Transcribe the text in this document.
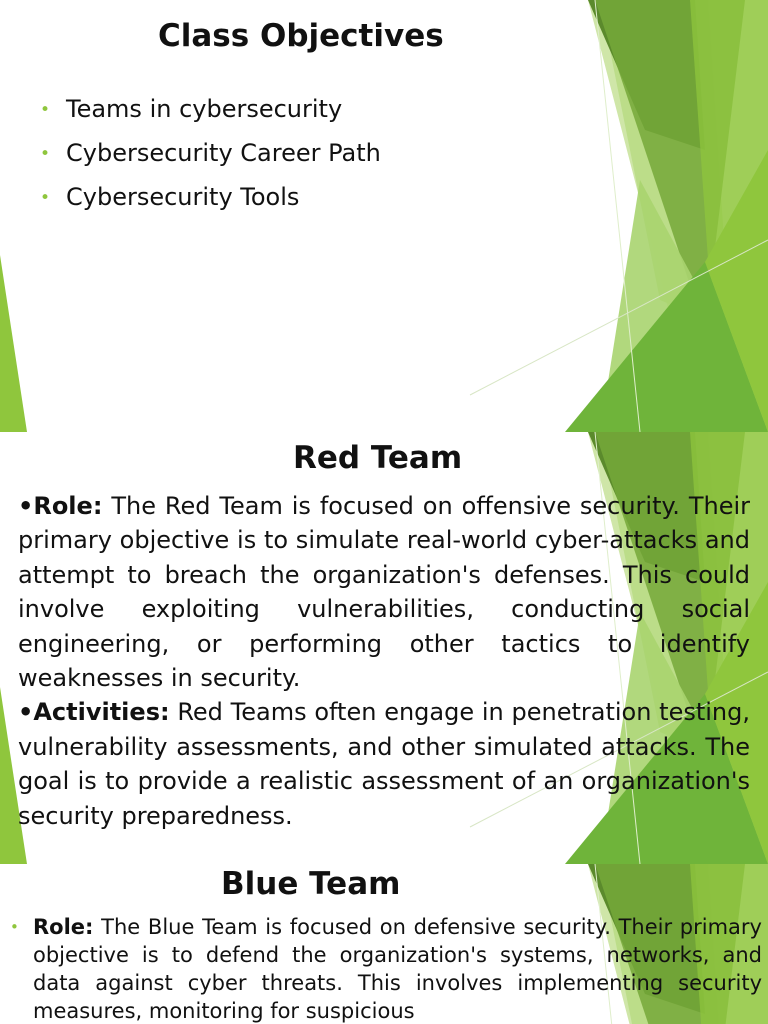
Class Objectives
• Teams in cybersecurity
• Cybersecurity Career Path
• Cybersecurity Tools
Red Team

•Role: The Red Team is focused on offensive security. Their primary objective is to simulate real-world cyber-attacks and attempt to breach the organization's defenses. This could involve exploiting vulnerabilities, conducting social engineering, or performing other tactics to identify weaknesses in security.

•Activities: Red Teams often engage in penetration testing, vulnerability assessments, and other simulated attacks. The goal is to provide a realistic assessment of an organization's security preparedness.

Blue Team
• Role: The Blue Team is focused on defensive security. Their primary objective is to defend the organization's systems, networks, and data against cyber threats. This involves implementing security measures, monitoring for suspicious
